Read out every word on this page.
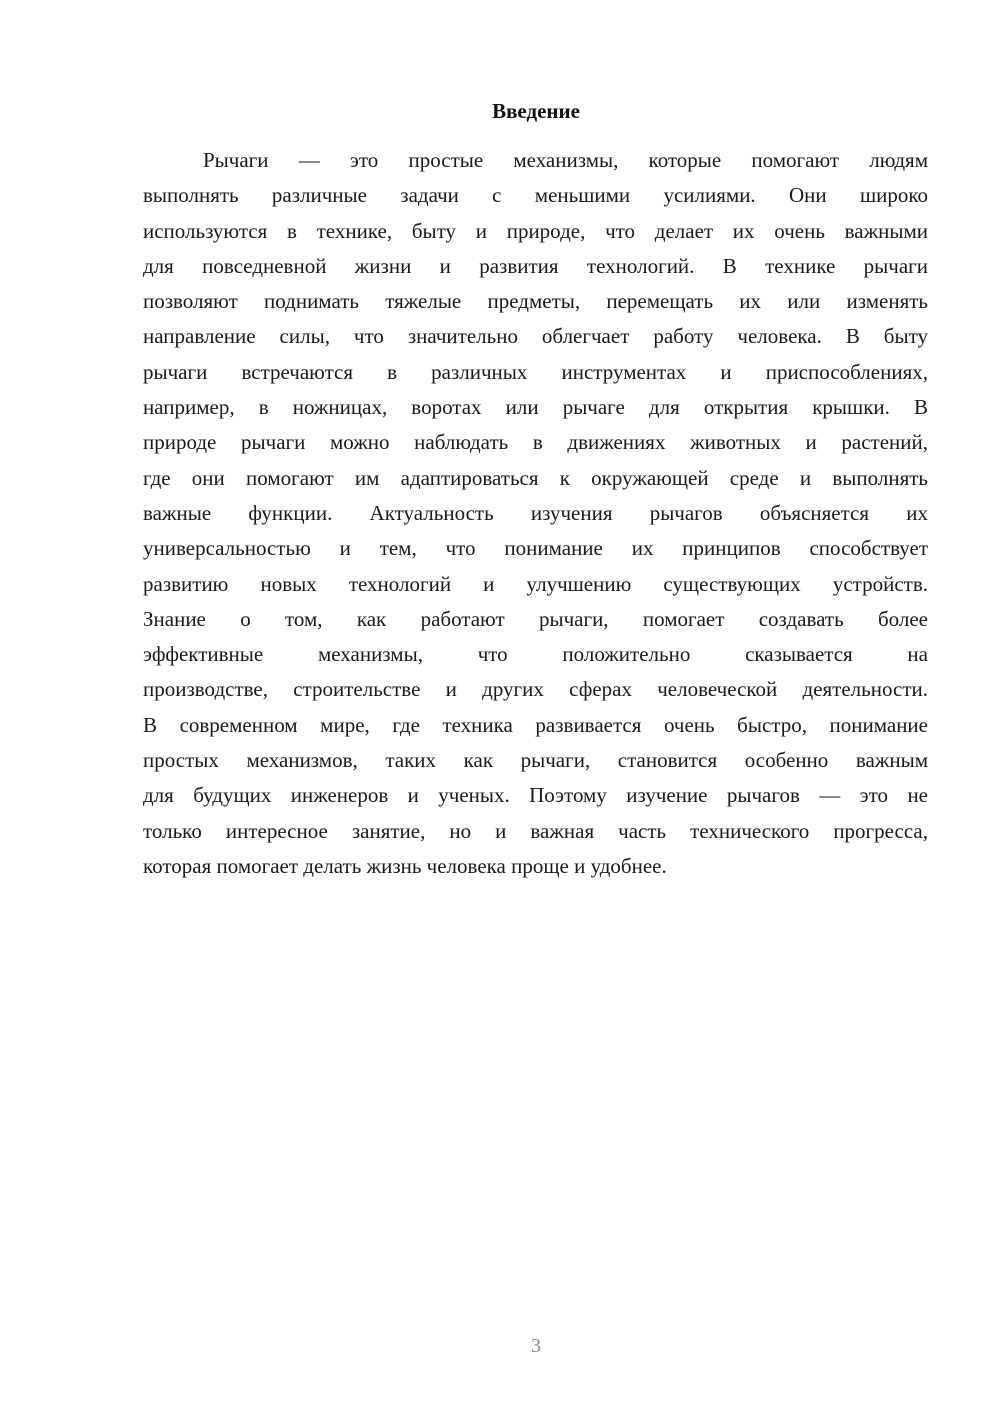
Введение
Рычаги — это простые механизмы, которые помогают людям
выполнять различные задачи с меньшими усилиями. Они широко
используются в технике, быту и природе, что делает их очень важными
для повседневной жизни и развития технологий. В технике рычаги
позволяют поднимать тяжелые предметы, перемещать их или изменять
направление силы, что значительно облегчает работу человека. В быту
рычаги встречаются в различных инструментах и приспособлениях,
например, в ножницах, воротах или рычаге для открытия крышки. В
природе рычаги можно наблюдать в движениях животных и растений,
где они помогают им адаптироваться к окружающей среде и выполнять
важные функции. Актуальность изучения рычагов объясняется их
универсальностью и тем, что понимание их принципов способствует
развитию новых технологий и улучшению существующих устройств.
Знание о том, как работают рычаги, помогает создавать более
эффективные механизмы, что положительно сказывается на
производстве, строительстве и других сферах человеческой деятельности.
В современном мире, где техника развивается очень быстро, понимание
простых механизмов, таких как рычаги, становится особенно важным
для будущих инженеров и ученых. Поэтому изучение рычагов — это не
только интересное занятие, но и важная часть технического прогресса,
которая помогает делать жизнь человека проще и удобнее.
3
